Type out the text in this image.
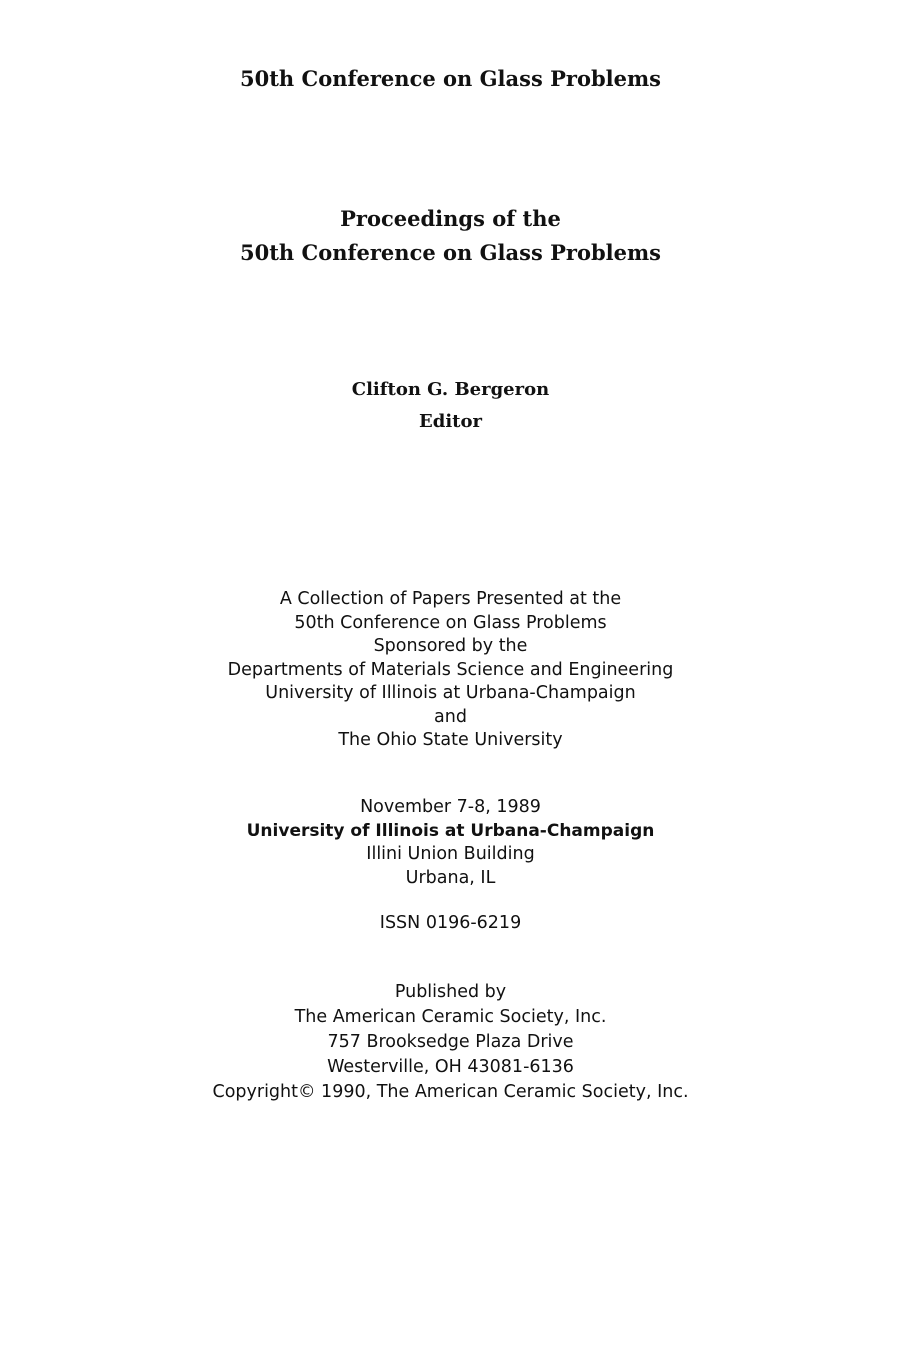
50th Conference on Glass Problems
Proceedings of the
50th Conference on Glass Problems
Clifton G. Bergeron
Editor
A Collection of Papers Presented at the
50th Conference on Glass Problems
Sponsored by the
Departments of Materials Science and Engineering
University of Illinois at Urbana-Champaign
and
The Ohio State University
November 7-8, 1989
University of Illinois at Urbana-Champaign
Illini Union Building
Urbana, IL
ISSN 0196-6219
Published by
The American Ceramic Society, Inc.
757 Brooksedge Plaza Drive
Westerville, OH 43081-6136
Copyright© 1990, The American Ceramic Society, Inc.
